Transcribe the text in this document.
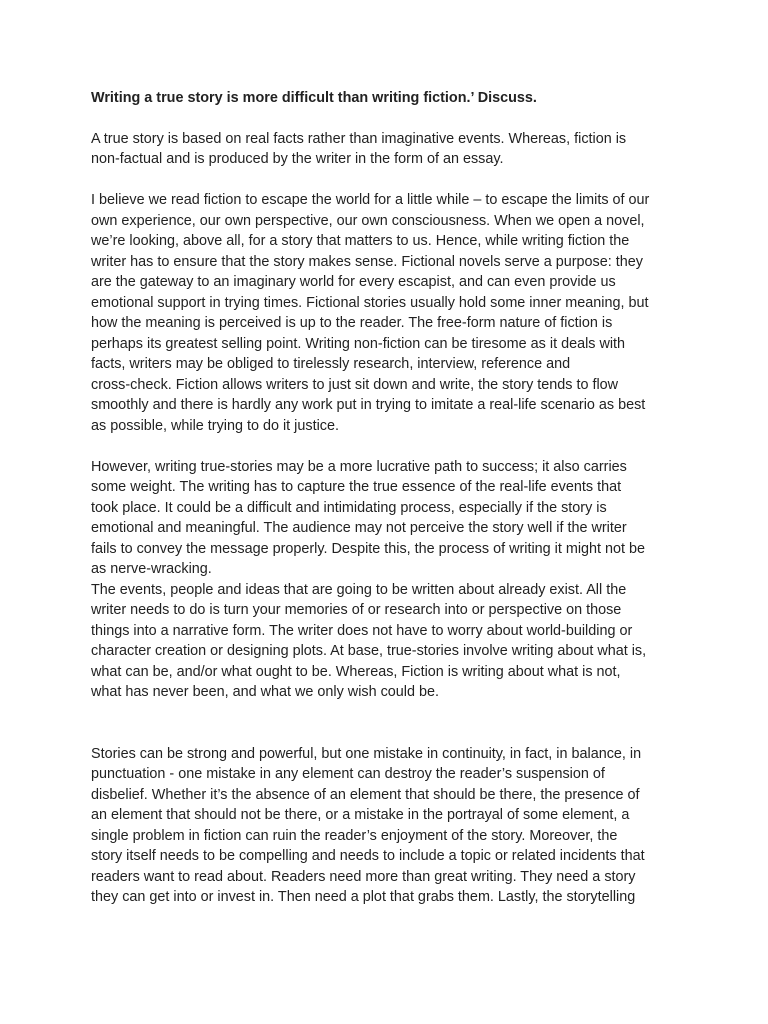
Writing a true story is more difficult than writing fiction.’ Discuss.

A true story is based on real facts rather than imaginative events. Whereas, fiction is
non-factual and is produced by the writer in the form of an essay.

I believe we read fiction to escape the world for a little while – to escape the limits of our
own experience, our own perspective, our own consciousness. When we open a novel,
we’re looking, above all, for a story that matters to us. Hence, while writing fiction the
writer has to ensure that the story makes sense. Fictional novels serve a purpose: they
are the gateway to an imaginary world for every escapist, and can even provide us
emotional support in trying times. Fictional stories usually hold some inner meaning, but
how the meaning is perceived is up to the reader. The free-form nature of fiction is
perhaps its greatest selling point. Writing non-fiction can be tiresome as it deals with
facts, writers may be obliged to tirelessly research, interview, reference and
cross-check. Fiction allows writers to just sit down and write, the story tends to flow
smoothly and there is hardly any work put in trying to imitate a real-life scenario as best
as possible, while trying to do it justice.

However, writing true-stories may be a more lucrative path to success; it also carries
some weight. The writing has to capture the true essence of the real-life events that
took place. It could be a difficult and intimidating process, especially if the story is
emotional and meaningful. The audience may not perceive the story well if the writer
fails to convey the message properly. Despite this, the process of writing it might not be
as nerve-wracking.

The events, people and ideas that are going to be written about already exist. All the
writer needs to do is turn your memories of or research into or perspective on those
things into a narrative form. The writer does not have to worry about world-building or
character creation or designing plots. At base, true-stories involve writing about what is,
what can be, and/or what ought to be. Whereas, Fiction is writing about what is not,
what has never been, and what we only wish could be.

Stories can be strong and powerful, but one mistake in continuity, in fact, in balance, in
punctuation - one mistake in any element can destroy the reader’s suspension of
disbelief. Whether it’s the absence of an element that should be there, the presence of
an element that should not be there, or a mistake in the portrayal of some element, a
single problem in fiction can ruin the reader’s enjoyment of the story. Moreover, the
story itself needs to be compelling and needs to include a topic or related incidents that
readers want to read about. Readers need more than great writing. They need a story
they can get into or invest in. Then need a plot that grabs them. Lastly, the storytelling
